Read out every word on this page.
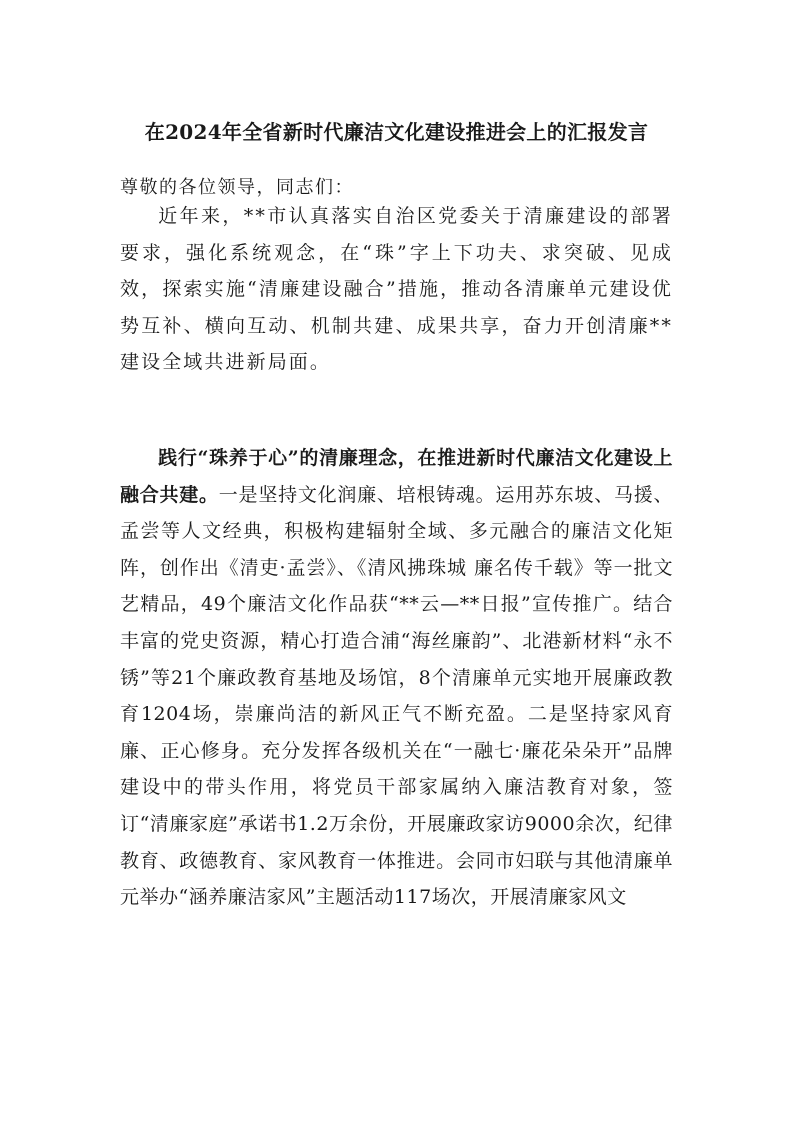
在2024年全省新时代廉洁文化建设推进会上的汇报发言
尊敬的各位领导，同志们：

近年来，**市认真落实自治区党委关于清廉建设的部署要求，强化系统观念，在“珠”字上下功夫、求突破、见成效，探索实施“清廉建设融合”措施，推动各清廉单元建设优势互补、横向互动、机制共建、成果共享，奋力开创清廉**建设全域共进新局面。

践行“珠养于心”的清廉理念，在推进新时代廉洁文化建设上融合共建。一是坚持文化润廉、培根铸魂。运用苏东坡、马援、孟尝等人文经典，积极构建辐射全域、多元融合的廉洁文化矩阵，创作出《清吏·孟尝》、《清风拂珠城 廉名传千载》等一批文艺精品，49个廉洁文化作品获“**云—**日报”宣传推广。结合丰富的党史资源，精心打造合浦“海丝廉韵”、北港新材料“永不锈”等21个廉政教育基地及场馆，8个清廉单元实地开展廉政教育1204场，崇廉尚洁的新风正气不断充盈。二是坚持家风育廉、正心修身。充分发挥各级机关在“一融七·廉花朵朵开”品牌建设中的带头作用，将党员干部家属纳入廉洁教育对象，签订“清廉家庭”承诺书1.2万余份，开展廉政家访9000余次，纪律教育、政德教育、家风教育一体推进。会同市妇联与其他清廉单元举办“涵养廉洁家风”主题活动117场次，开展清廉家风文
